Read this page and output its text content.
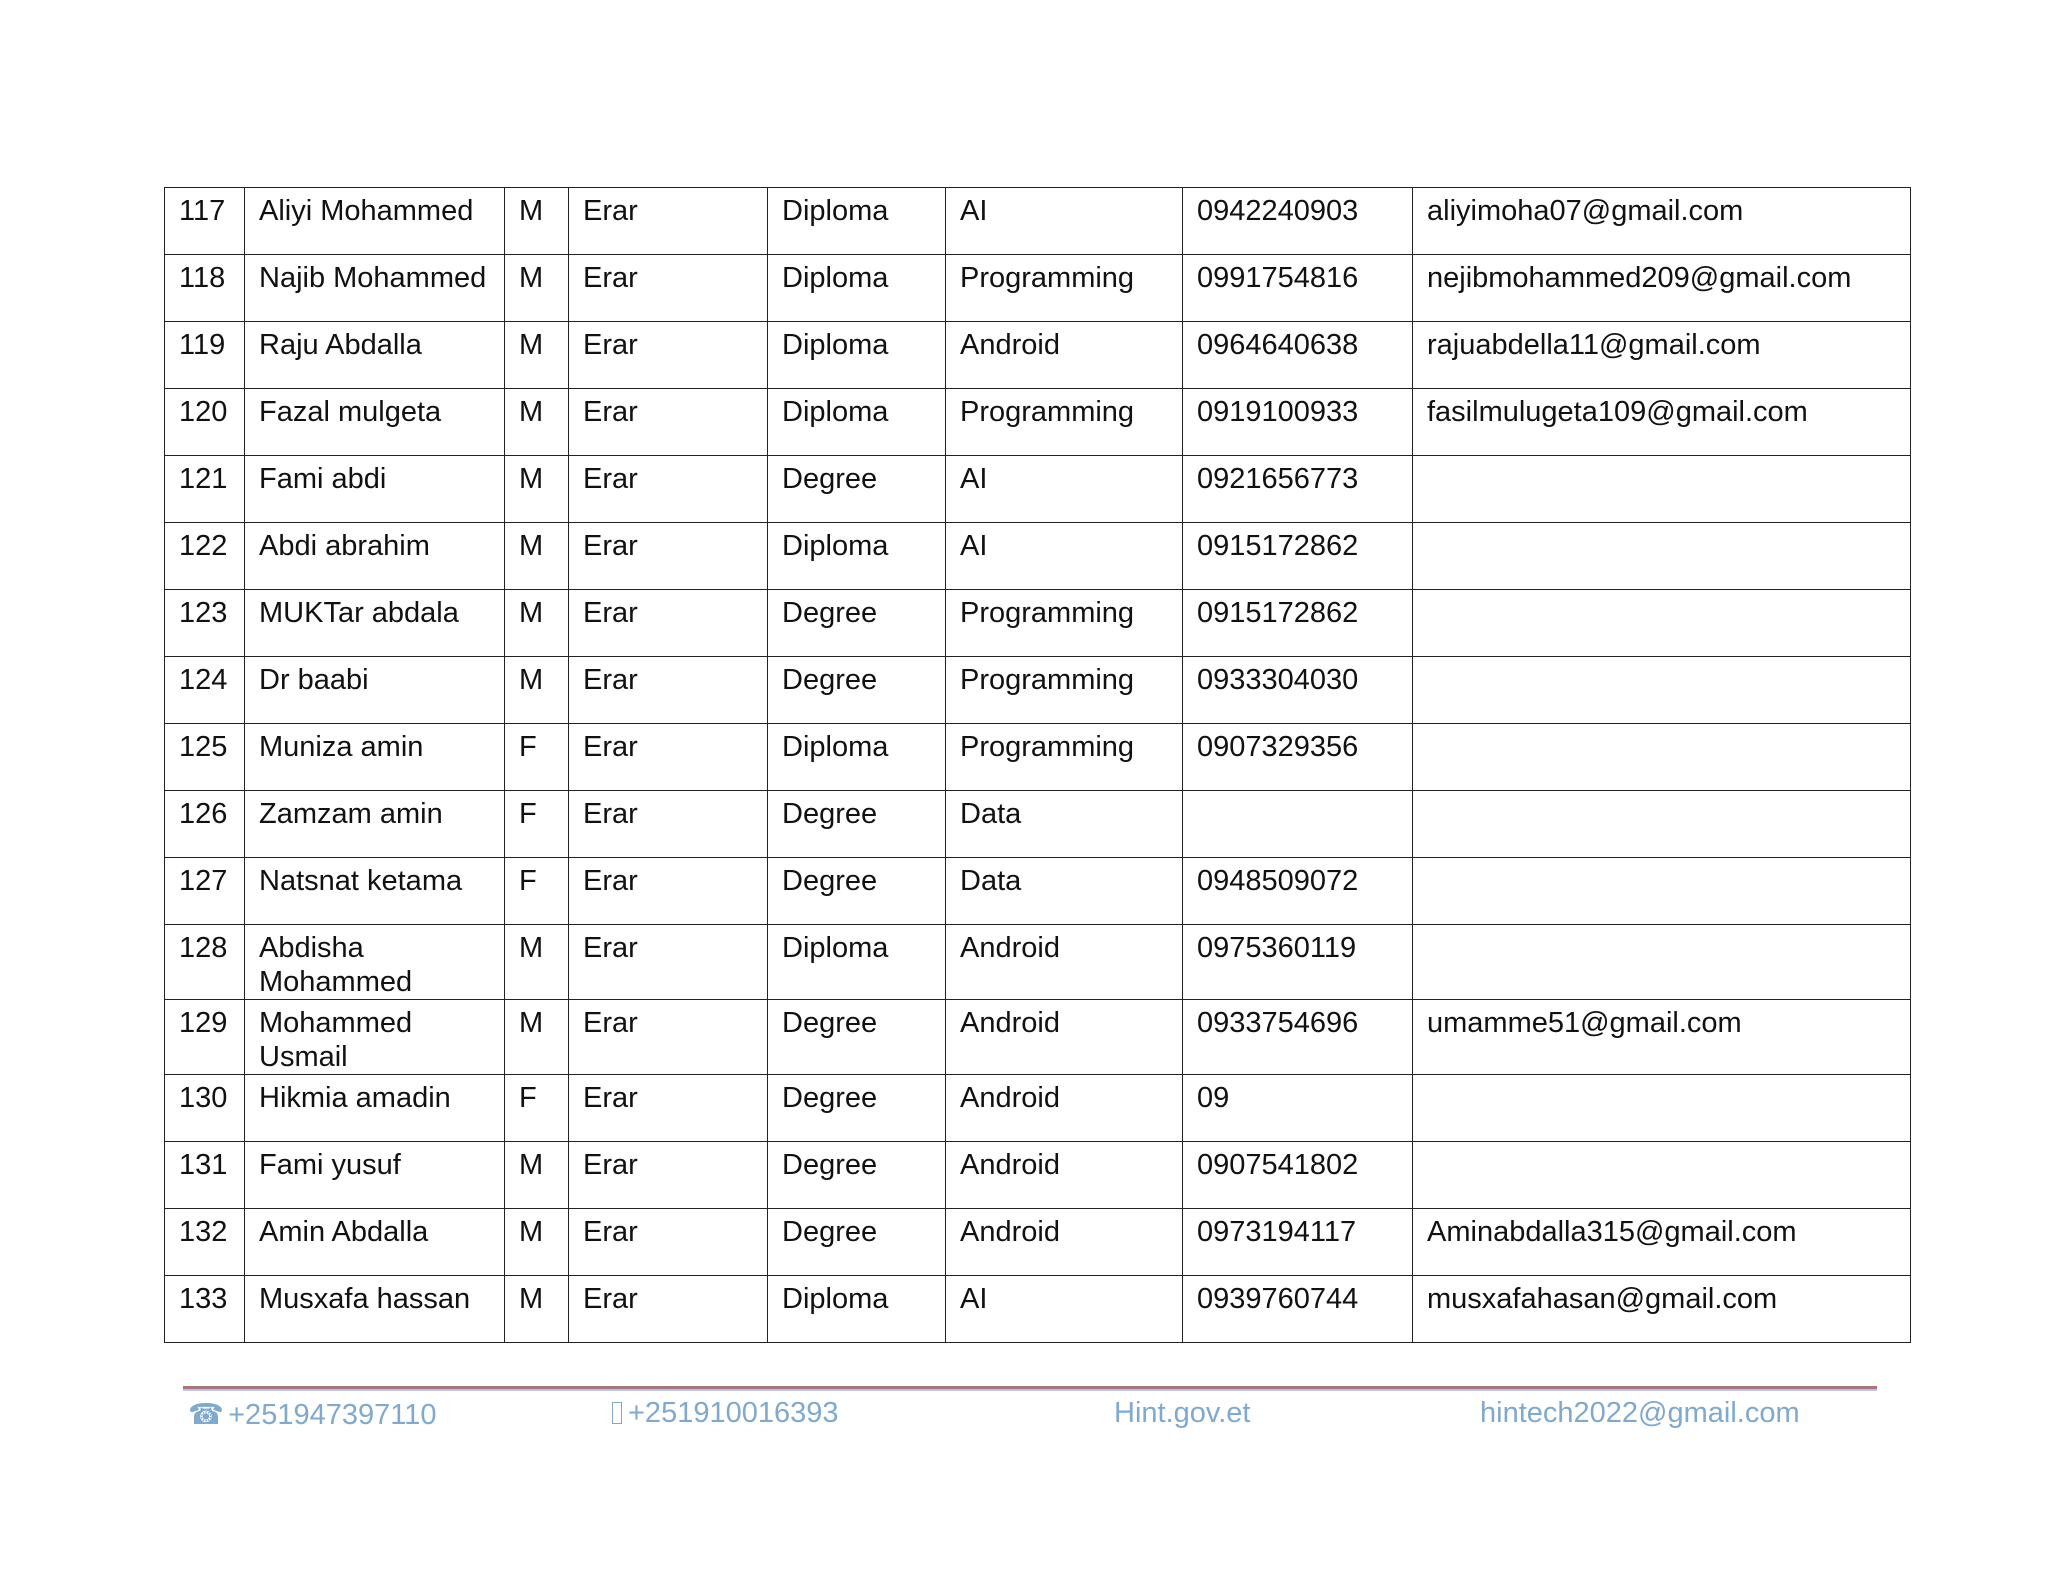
117	Aliyi Mohammed	M	Erar	Diploma	AI	0942240903	aliyimoha07@gmail.com
118	Najib Mohammed	M	Erar	Diploma	Programming	0991754816	nejibmohammed209@gmail.com
119	Raju Abdalla	M	Erar	Diploma	Android	0964640638	rajuabdella11@gmail.com
120	Fazal mulgeta	M	Erar	Diploma	Programming	0919100933	fasilmulugeta109@gmail.com
121	Fami abdi	M	Erar	Degree	AI	0921656773	
122	Abdi abrahim	M	Erar	Diploma	AI	0915172862	
123	MUKTar abdala	M	Erar	Degree	Programming	0915172862	
124	Dr baabi	M	Erar	Degree	Programming	0933304030	
125	Muniza amin	F	Erar	Diploma	Programming	0907329356	
126	Zamzam amin	F	Erar	Degree	Data		
127	Natsnat ketama	F	Erar	Degree	Data	0948509072	
128	Abdisha Mohammed	M	Erar	Diploma	Android	0975360119	
129	Mohammed Usmail	M	Erar	Degree	Android	0933754696	umamme51@gmail.com
130	Hikmia amadin	F	Erar	Degree	Android	09	
131	Fami yusuf	M	Erar	Degree	Android	0907541802	
132	Amin Abdalla	M	Erar	Degree	Android	0973194117	Aminabdalla315@gmail.com
133	Musxafa hassan	M	Erar	Diploma	AI	0939760744	musxafahasan@gmail.com
☎ +251947397110	+251910016393	Hint.gov.et	hintech2022@gmail.com
